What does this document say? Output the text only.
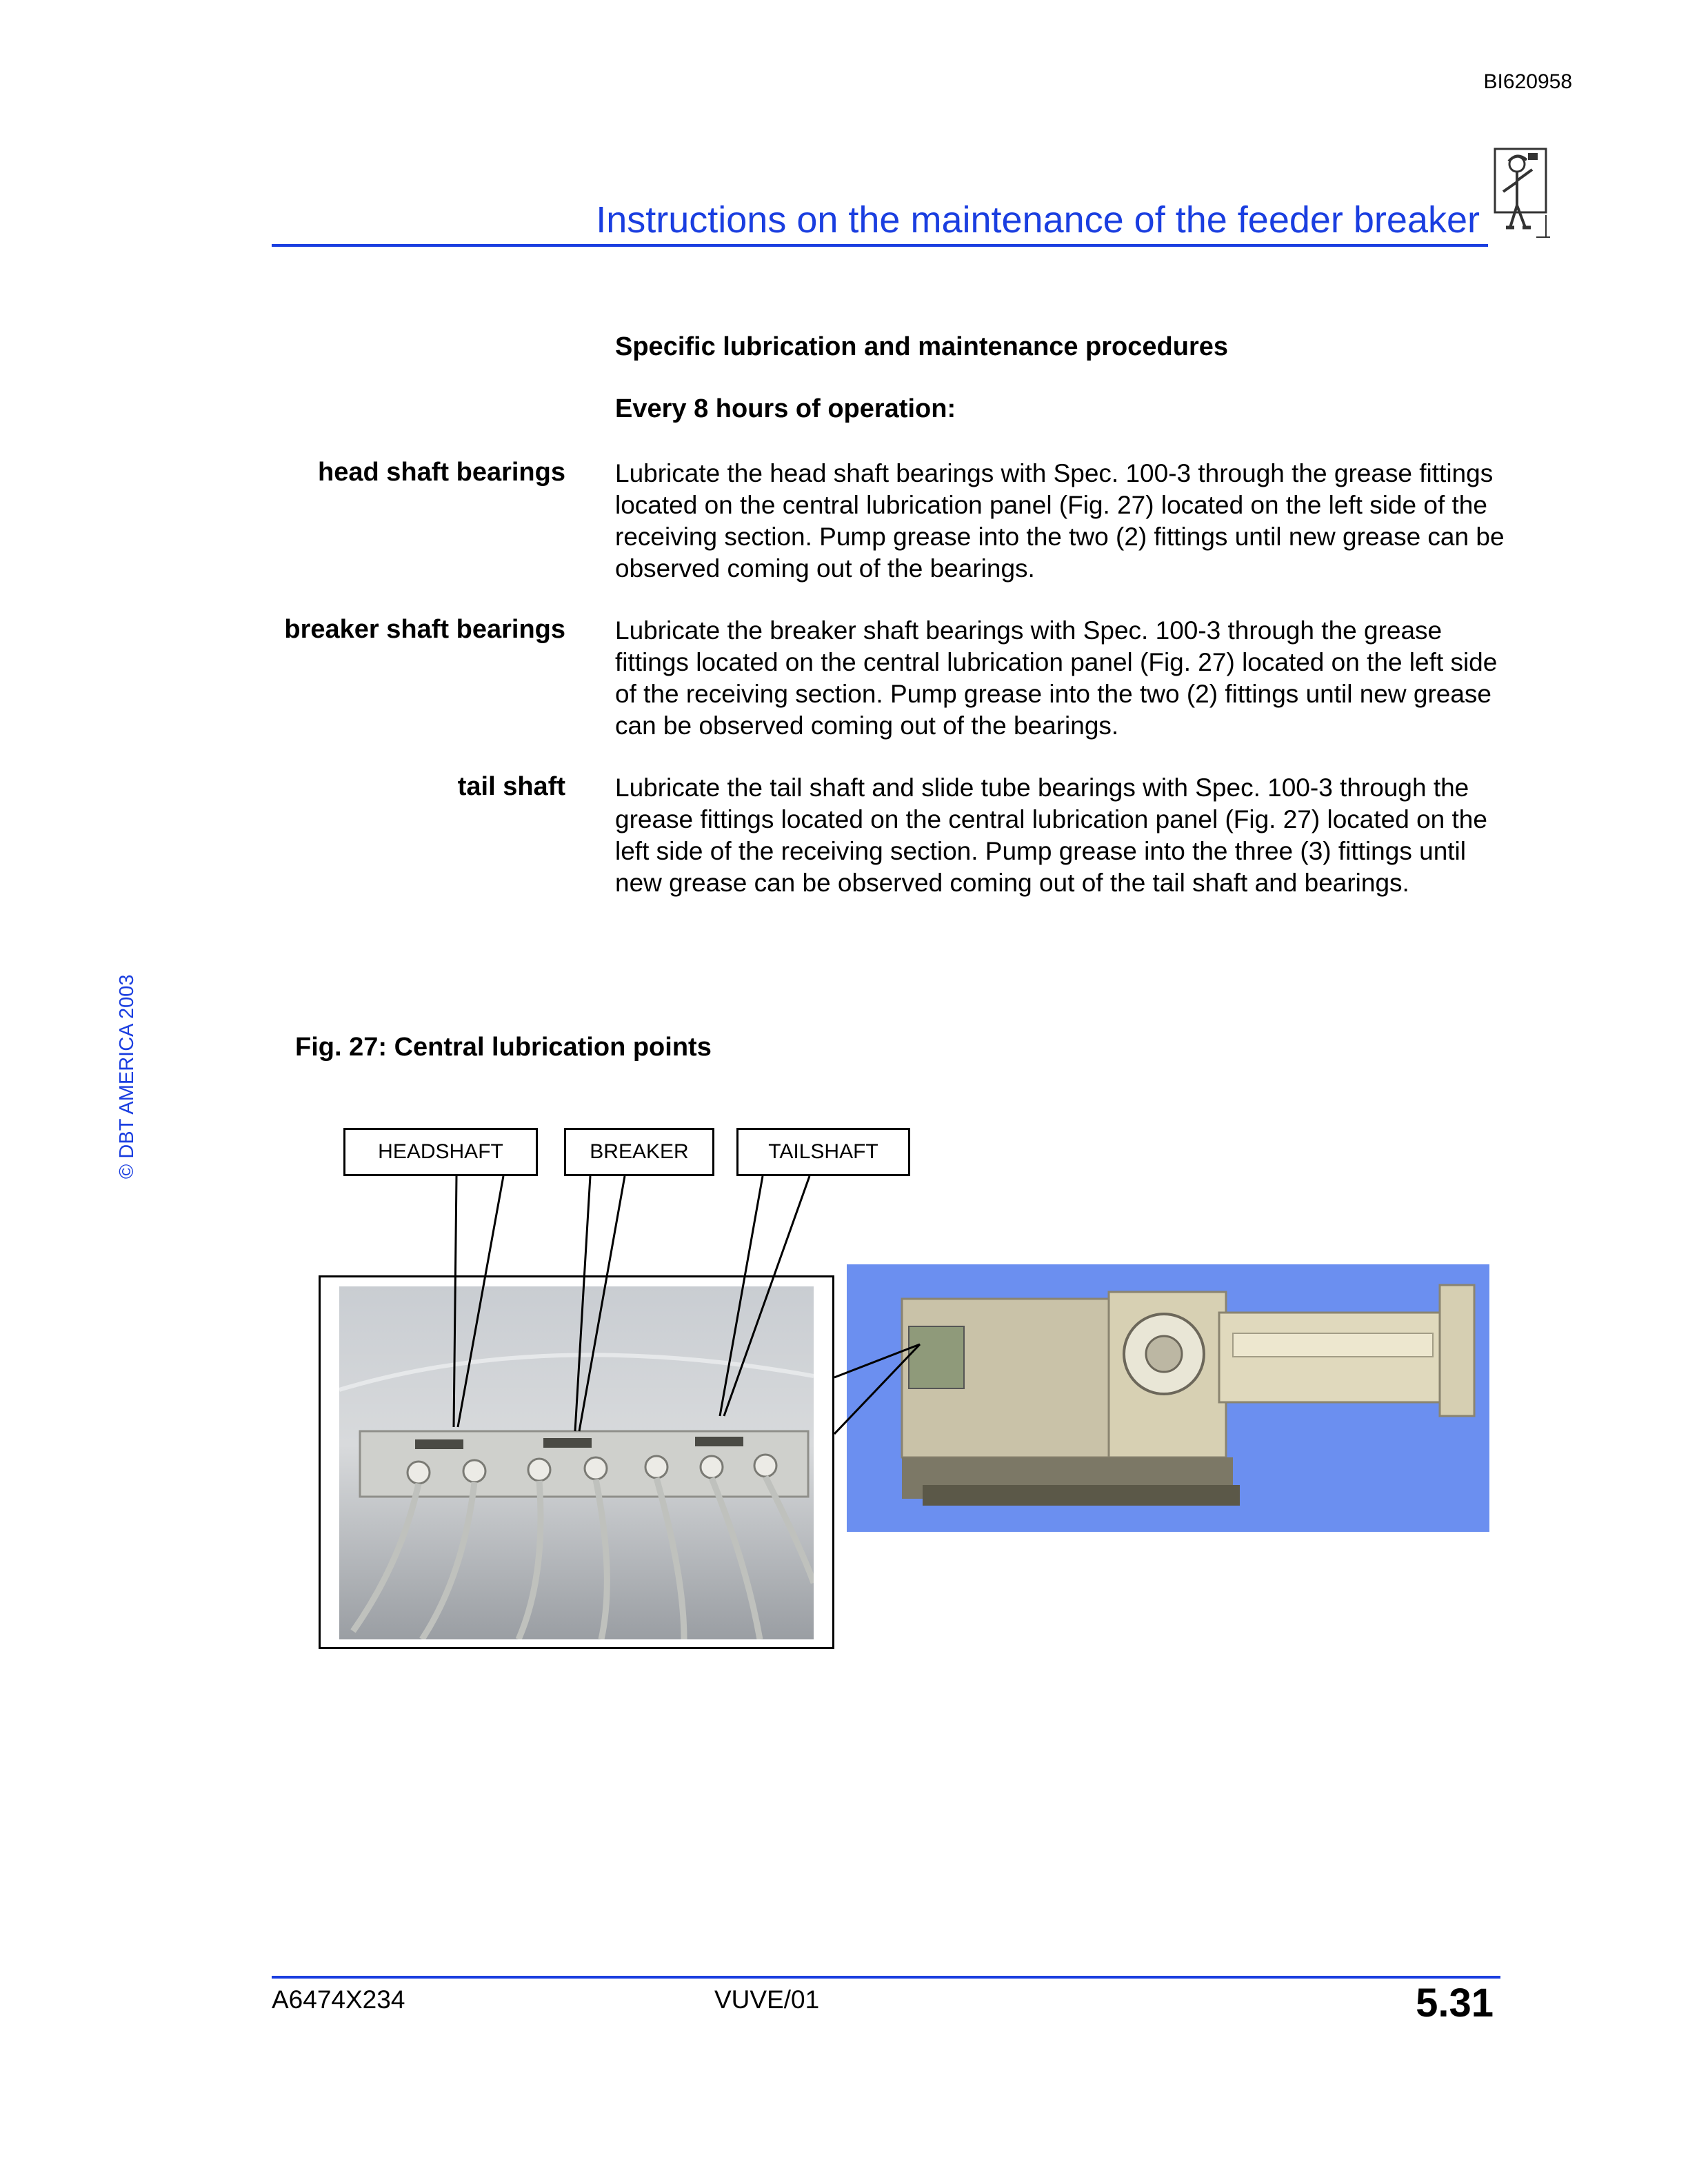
BI620958
Instructions on the maintenance of the feeder breaker
Specific lubrication and maintenance procedures
Every 8 hours of operation:
head shaft bearings Lubricate the head shaft bearings with Spec. 100-3 through the grease fittings located on the central lubrication panel (Fig. 27) located on the left side of the receiving section. Pump grease into the two (2) fittings until new grease can be observed coming out of the bearings.
breaker shaft bearings Lubricate the breaker shaft bearings with Spec. 100-3 through the grease fittings located on the central lubrication panel (Fig. 27) located on the left side of the receiving section. Pump grease into the two (2) fittings until new grease can be observed coming out of the bearings.
tail shaft Lubricate the tail shaft and slide tube bearings with Spec. 100-3 through the grease fittings located on the central lubrication panel (Fig. 27) located on the left side of the receiving section. Pump grease into the three (3) fittings until new grease can be observed coming out of the tail shaft and bearings.
© DBT AMERICA 2003	Fig. 27: Central lubrication points
HEADSHAFT	BREAKER	TAILSHAFT
A6474X234	VUVE/01	5.31
